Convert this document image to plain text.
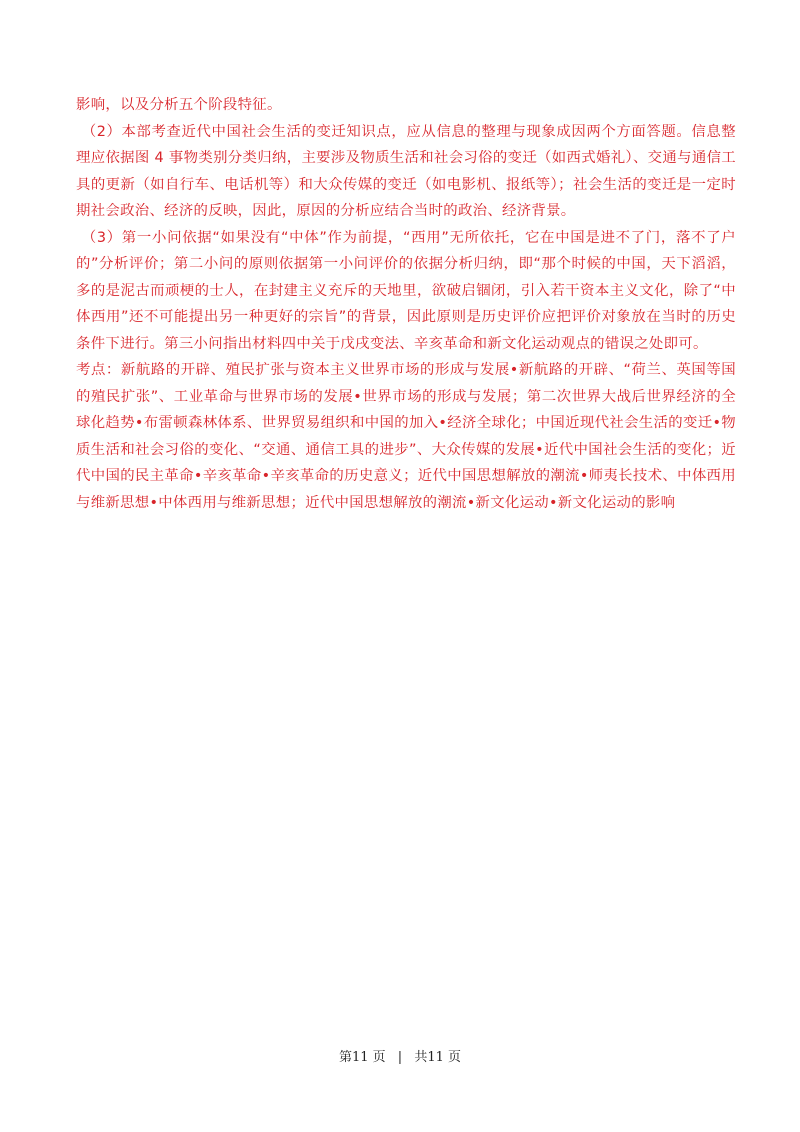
影响，以及分析五个阶段特征。

（2）本部考查近代中国社会生活的变迁知识点，应从信息的整理与现象成因两个方面答题。信息整理应依据图 4 事物类别分类归纳，主要涉及物质生活和社会习俗的变迁（如西式婚礼）、交通与通信工具的更新（如自行车、电话机等）和大众传媒的变迁（如电影机、报纸等）；社会生活的变迁是一定时期社会政治、经济的反映，因此，原因的分析应结合当时的政治、经济背景。

（3）第一小问依据“如果没有“中体”作为前提，“西用”无所依托，它在中国是进不了门，落不了户的”分析评价；第二小问的原则依据第一小问评价的依据分析归纳，即“那个时候的中国，天下滔滔，多的是泥古而顽梗的士人，在封建主义充斥的天地里，欲破启锢闭，引入若干资本主义文化，除了“中体西用”还不可能提出另一种更好的宗旨”的背景，因此原则是历史评价应把评价对象放在当时的历史条件下进行。第三小问指出材料四中关于戊戌变法、辛亥革命和新文化运动观点的错误之处即可。

考点：新航路的开辟、殖民扩张与资本主义世界市场的形成与发展•新航路的开辟、“荷兰、英国等国的殖民扩张”、工业革命与世界市场的发展•世界市场的形成与发展；第二次世界大战后世界经济的全球化趋势•布雷顿森林体系、世界贸易组织和中国的加入•经济全球化；中国近现代社会生活的变迁•物质生活和社会习俗的变化、“交通、通信工具的进步”、大众传媒的发展•近代中国社会生活的变化；近代中国的民主革命•辛亥革命•辛亥革命的历史意义；近代中国思想解放的潮流•师夷长技术、中体西用与维新思想•中体西用与维新思想；近代中国思想解放的潮流•新文化运动•新文化运动的影响

第11 页 | 共11 页
